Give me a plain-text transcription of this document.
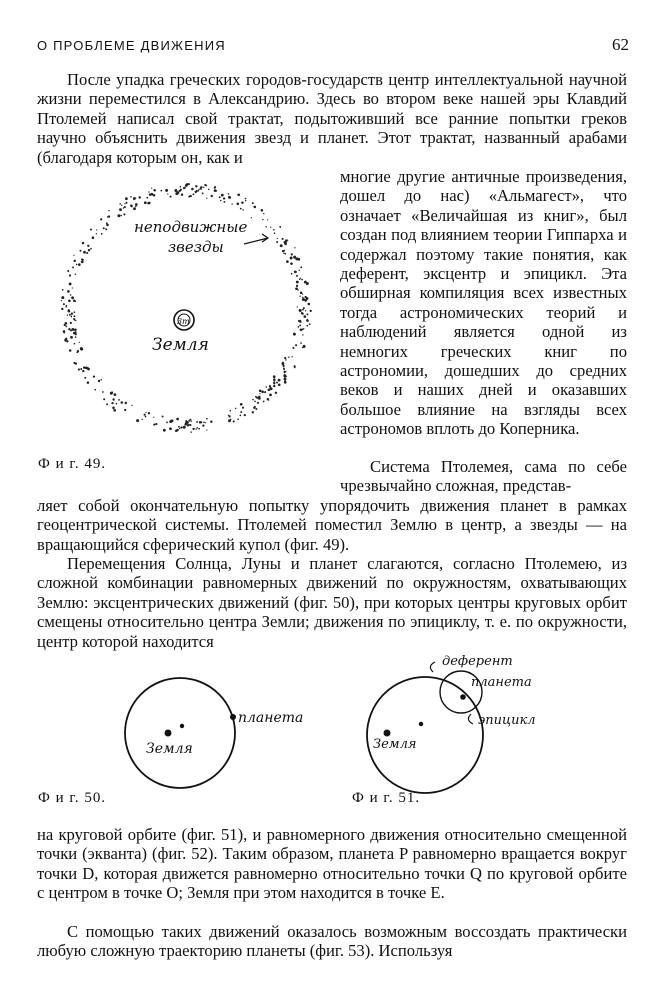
О ПРОБЛЕМЕ ДВИЖЕНИЯ	62

После упадка греческих городов-государств центр интеллектуальной научной жизни переместился в Александрию. Здесь во втором веке нашей эры Клавдий Птолемей написал свой трактат, подытоживший все ранние попытки греков научно объяснить движения звезд и планет. Этот трактат, названный арабами (благодаря которым он, как и

3m
неподвижные
звезды
Земля
Ф и г. 49.

многие другие античные произведения, дошел до нас) «Альмагест», что означает «Величайшая из книг», был создан под влиянием теории Гиппарха и содержал поэтому такие понятия, как деферент, эксцентр и эпицикл. Эта обширная компиляция всех известных тогда астрономических теорий и наблюдений является одной из немногих греческих книг по астрономии, дошедших до средних веков и наших дней и оказавших большое влияние на взгляды всех астрономов вплоть до Коперника.

Система Птолемея, сама по себе чрезвычайно сложная, представ-

ляет собой окончательную попытку упорядочить движения планет в рамках геоцентрической системы. Птолемей поместил Землю в центр, а звезды — на вращающийся сферический купол (фиг. 49).

Перемещения Солнца, Луны и планет слагаются, согласно Птолемею, из сложной комбинации равномерных движений по окружностям, охватывающих Землю: эксцентрических движений (фиг. 50), при которых центры круговых орбит смещены относительно центра Земли; движения по эпициклу, т. е. по окружности, центр которой находится

планета
Земля
Ф и г. 50.
деферент
планета
эпицикл
Земля
Ф и г. 51.

на круговой орбите (фиг. 51), и равномерного движения относительно смещенной точки (экванта) (фиг. 52). Таким образом, планета P равномерно вращается вокруг точки D, которая движется равномерно относительно точки Q по круговой орбите с центром в точке O; Земля при этом находится в точке E.

С помощью таких движений оказалось возможным воссоздать практически любую сложную траекторию планеты (фиг. 53). Используя
